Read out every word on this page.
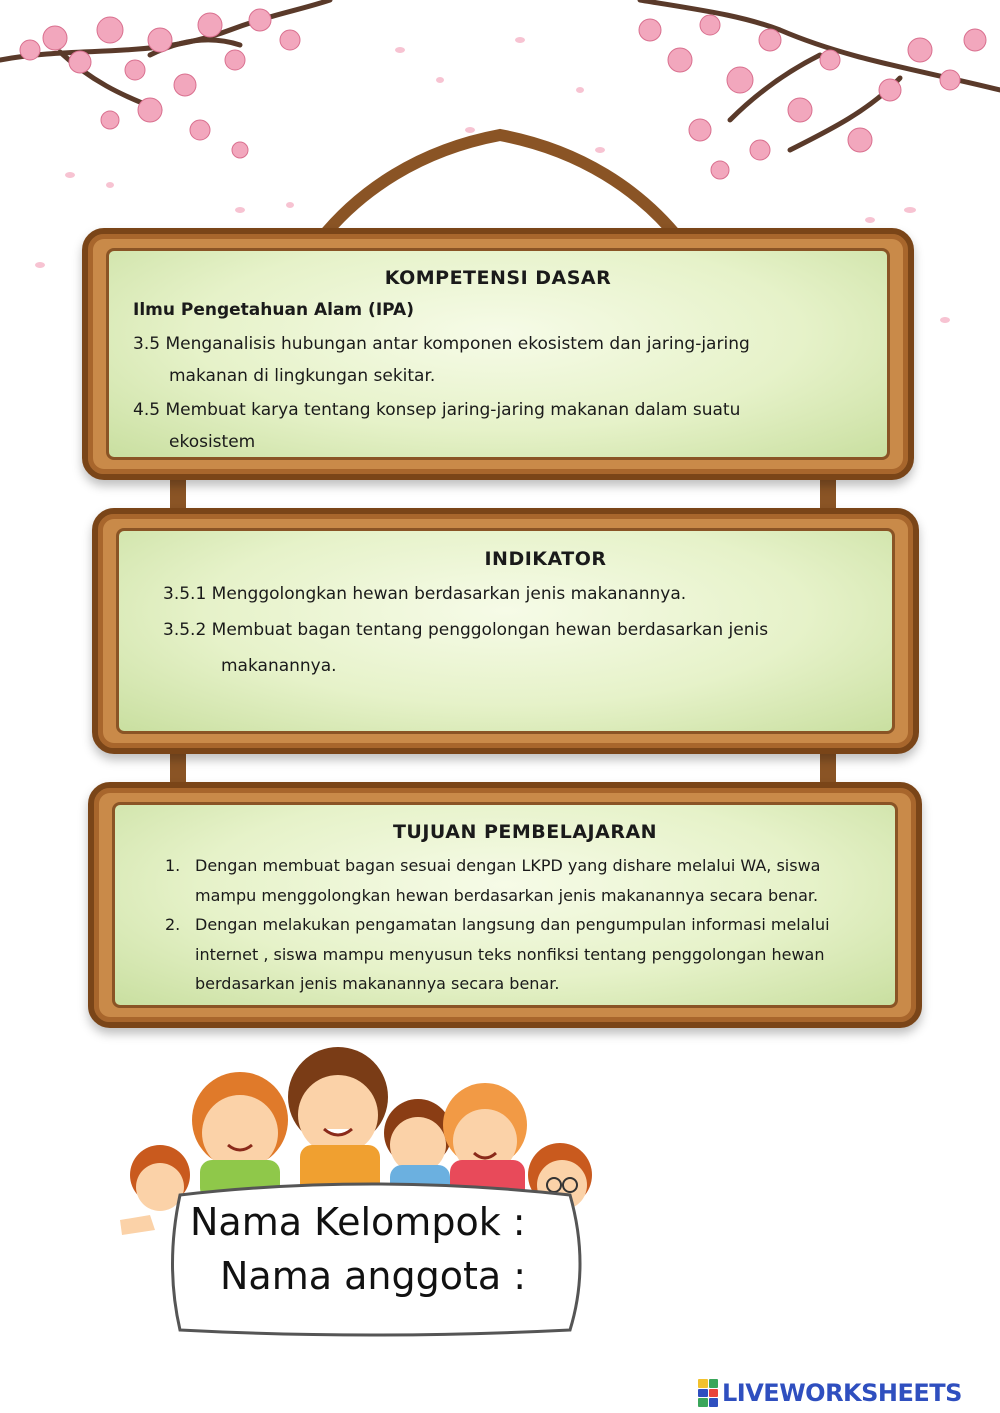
KOMPETENSI DASAR
Ilmu Pengetahuan Alam (IPA)
3.5 Menganalisis hubungan antar komponen ekosistem dan jaring-jaring
makanan di lingkungan sekitar.
4.5 Membuat karya tentang konsep jaring-jaring makanan dalam suatu
ekosistem
INDIKATOR
3.5.1 Menggolongkan hewan berdasarkan jenis makanannya.
3.5.2 Membuat bagan tentang penggolongan hewan berdasarkan jenis
makanannya.
TUJUAN PEMBELAJARAN
1. Dengan membuat bagan sesuai dengan LKPD yang dishare melalui WA, siswa
mampu menggolongkan hewan berdasarkan jenis makanannya secara benar.
2. Dengan melakukan pengamatan langsung dan pengumpulan informasi melalui
internet , siswa mampu menyusun teks nonfiksi tentang penggolongan hewan
berdasarkan jenis makanannya secara benar.
Nama Kelompok :
Nama anggota :
LIVEWORKSHEETS
